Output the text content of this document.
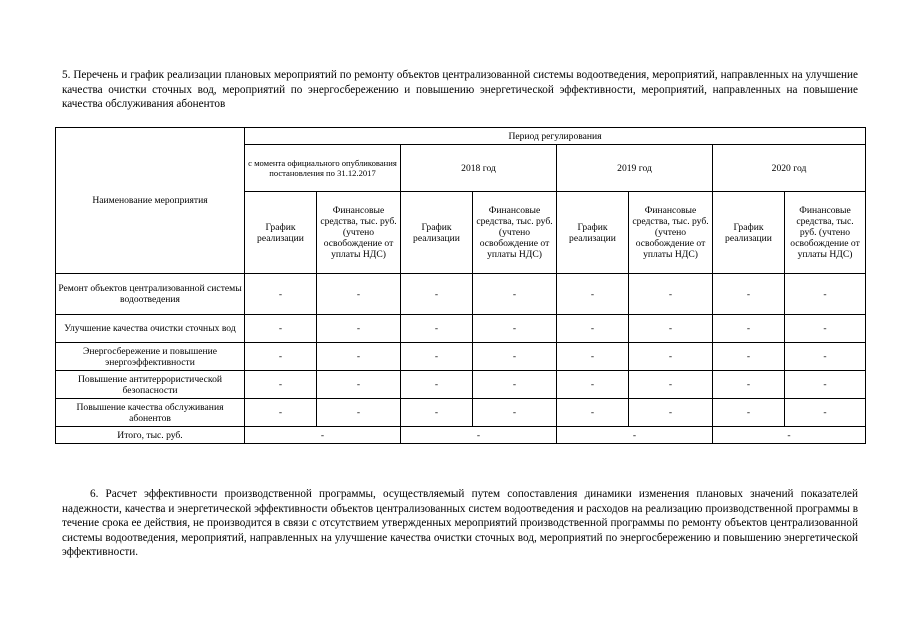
5. Перечень и график реализации плановых мероприятий по ремонту объектов централизованной системы водоотведения, мероприятий, направленных на улучшение качества очистки сточных вод, мероприятий по энергосбережению и повышению энергетической эффективности, мероприятий, направленных на повышение качества обслуживания абонентов
Наименование мероприятия	Период регулирования							
	с момента официального опубликования постановления по 31.12.2017		2018 год		2019 год		2020 год	
	График реализации	Финансовые средства, тыс. руб. (учтено освобождение от уплаты НДС)	График реализации	Финансовые средства, тыс. руб. (учтено освобождение от уплаты НДС)	График реализации	Финансовые средства, тыс. руб. (учтено освобождение от уплаты НДС)	График реализации	Финансовые средства, тыс. руб. (учтено освобождение от уплаты НДС)
Ремонт объектов централизованной системы водоотведения	-	-	-	-	-	-	-	-
Улучшение качества очистки сточных вод	-	-	-	-	-	-	-	-
Энергосбережение и повышение энергоэффективности	-	-	-	-	-	-	-	-
Повышение антитеррористической безопасности	-	-	-	-	-	-	-	-
Повышение качества обслуживания абонентов	-	-	-	-	-	-	-	-
Итого, тыс. руб.	-		-		-		-	
6. Расчет эффективности производственной программы, осуществляемый путем сопоставления динамики изменения плановых значений показателей надежности, качества и энергетической эффективности объектов централизованных систем водоотведения и расходов на реализацию производственной программы в течение срока ее действия, не производится в связи с отсутствием утвержденных мероприятий производственной программы по ремонту объектов централизованной системы водоотведения, мероприятий, направленных на улучшение качества очистки сточных вод, мероприятий по энергосбережению и повышению энергетической эффективности.
